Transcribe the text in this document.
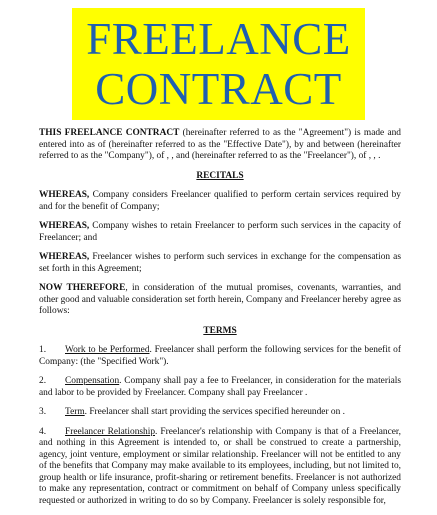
FREELANCE
CONTRACT

THIS FREELANCE CONTRACT (hereinafter referred to as the "Agreement") is made and entered into as of (hereinafter referred to as the "Effective Date"), by and between (hereinafter referred to as the "Company"), of , , and (hereinafter referred to as the "Freelancer"), of , , .

RECITALS

WHEREAS, Company considers Freelancer qualified to perform certain services required by and for the benefit of Company;

WHEREAS, Company wishes to retain Freelancer to perform such services in the capacity of Freelancer; and

WHEREAS, Freelancer wishes to perform such services in exchange for the compensation as set forth in this Agreement;

NOW THEREFORE, in consideration of the mutual promises, covenants, warranties, and other good and valuable consideration set forth herein, Company and Freelancer hereby agree as follows:

TERMS

1. Work to be Performed. Freelancer shall perform the following services for the benefit of Company: (the "Specified Work").

2. Compensation. Company shall pay a fee to Freelancer, in consideration for the materials and labor to be provided by Freelancer. Company shall pay Freelancer .

3. Term. Freelancer shall start providing the services specified hereunder on .

4. Freelancer Relationship. Freelancer's relationship with Company is that of a Freelancer, and nothing in this Agreement is intended to, or shall be construed to create a partnership, agency, joint venture, employment or similar relationship. Freelancer will not be entitled to any of the benefits that Company may make available to its employees, including, but not limited to, group health or life insurance, profit-sharing or retirement benefits. Freelancer is not authorized to make any representation, contract or commitment on behalf of Company unless specifically requested or authorized in writing to do so by Company. Freelancer is solely responsible for,
